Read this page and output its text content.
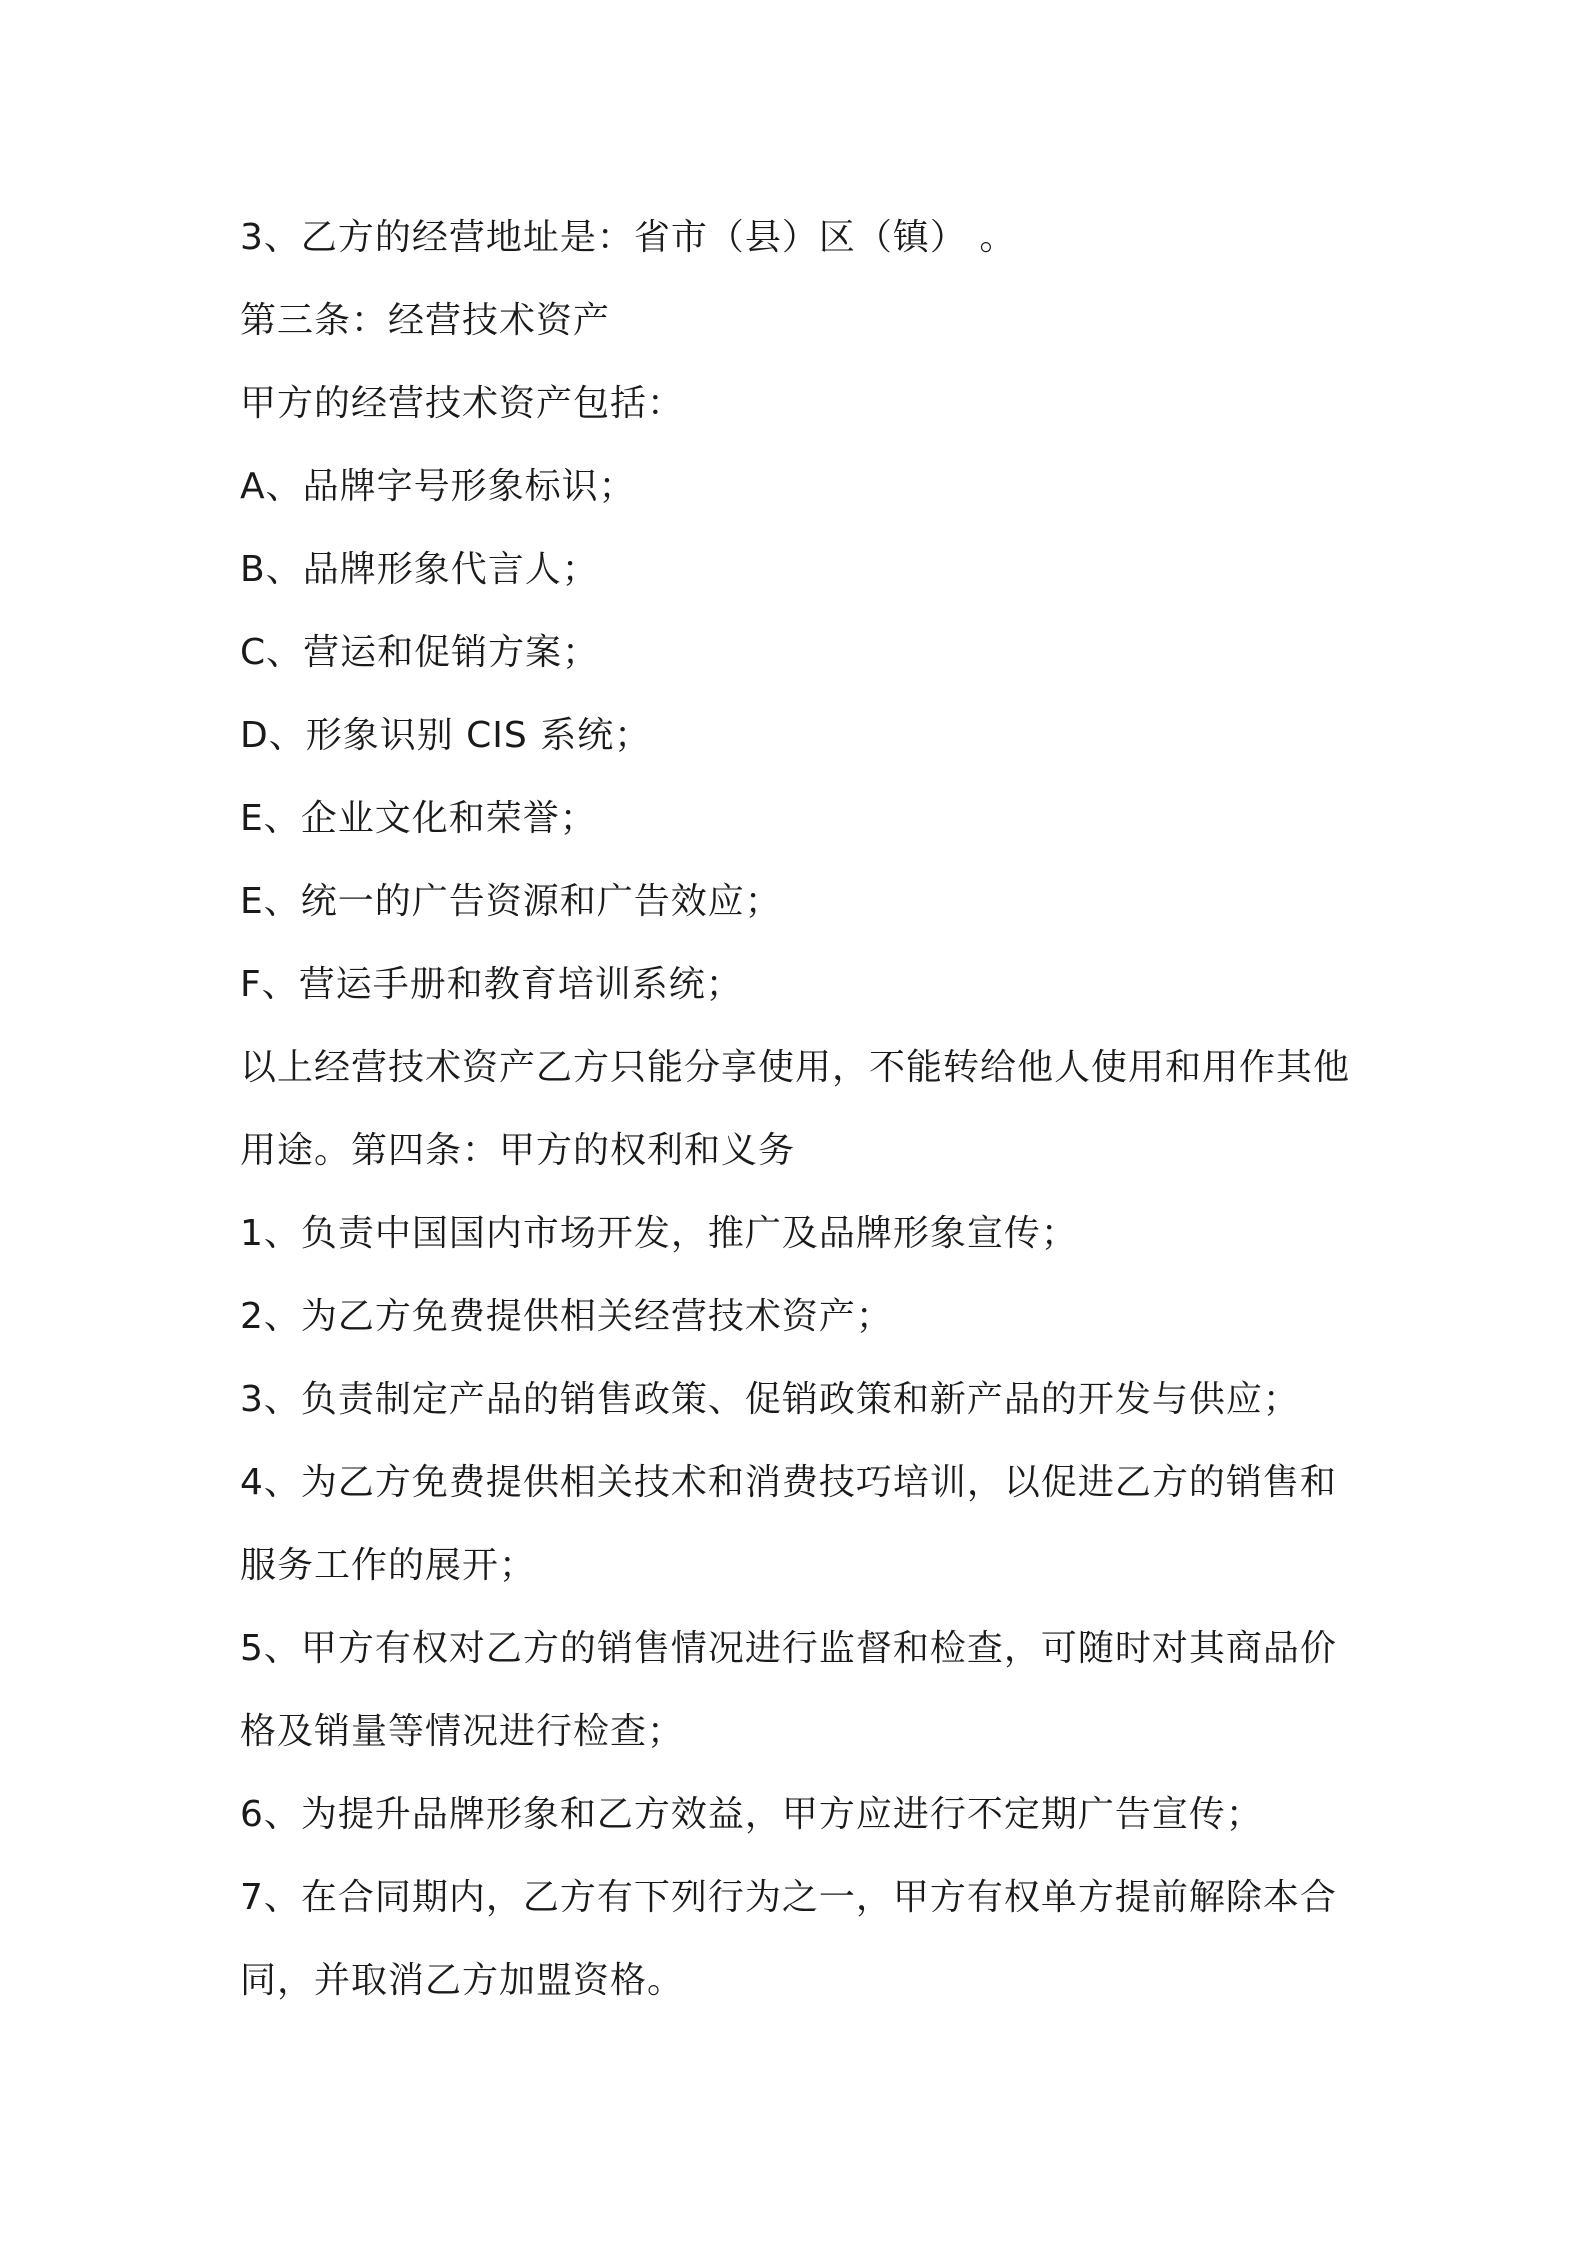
3、乙方的经营地址是：省市（县）区（镇） 。
第三条：经营技术资产
甲方的经营技术资产包括：
A、品牌字号形象标识；
B、品牌形象代言人；
C、营运和促销方案；
D、形象识别 CIS 系统；
E、企业文化和荣誉；
E、统一的广告资源和广告效应；
F、营运手册和教育培训系统；
以上经营技术资产乙方只能分享使用，不能转给他人使用和用作其他
用途。第四条：甲方的权利和义务
1、负责中国国内市场开发，推广及品牌形象宣传；
2、为乙方免费提供相关经营技术资产；
3、负责制定产品的销售政策、促销政策和新产品的开发与供应；
4、为乙方免费提供相关技术和消费技巧培训，以促进乙方的销售和
服务工作的展开；
5、甲方有权对乙方的销售情况进行监督和检查，可随时对其商品价
格及销量等情况进行检查；
6、为提升品牌形象和乙方效益，甲方应进行不定期广告宣传；
7、在合同期内，乙方有下列行为之一，甲方有权单方提前解除本合
同，并取消乙方加盟资格。
